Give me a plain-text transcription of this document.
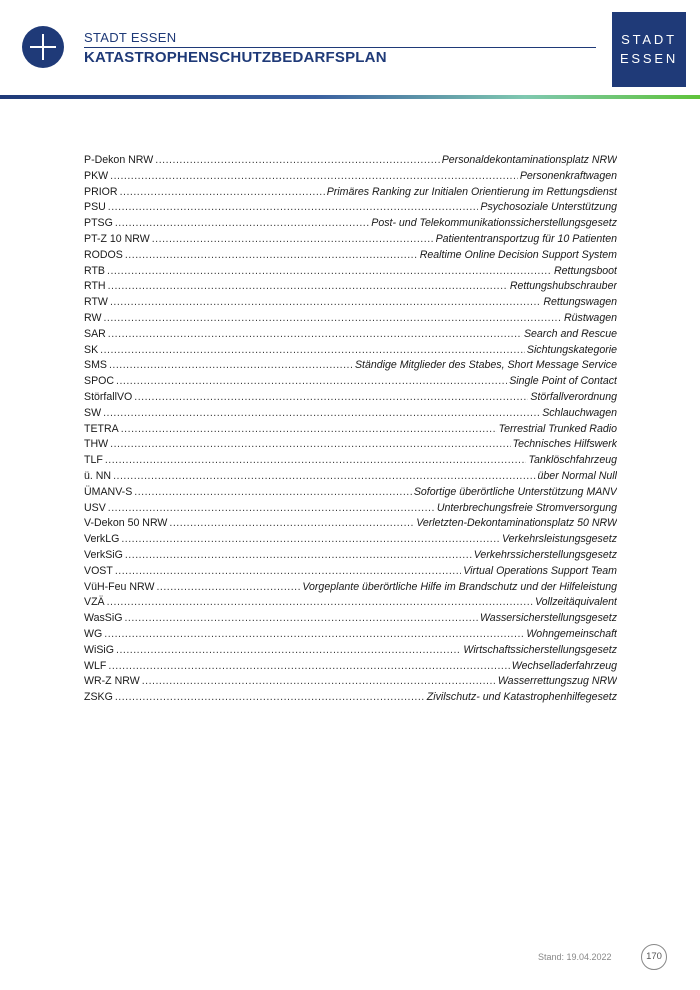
STADT ESSEN
KATASTROPHENSCHUTZBEDARFSPLAN
STADT
ESSEN
P-Dekon NRW .....	Personaldekontaminationsplatz NRW
PKW .....	Personenkraftwagen
PRIOR .....	Primäres Ranking zur Initialen Orientierung im Rettungsdienst
PSU .....	Psychosoziale Unterstützung
PTSG .....	Post- und Telekommunikationssicherstellungsgesetz
PT-Z 10 NRW .....	Patiententransportzug für 10 Patienten
RODOS .....	Realtime Online Decision Support System
RTB .....	Rettungsboot
RTH .....	Rettungshubschrauber
RTW .....	Rettungswagen
RW .....	Rüstwagen
SAR .....	Search and Rescue
SK .....	Sichtungskategorie
SMS .....	Ständige Mitglieder des Stabes, Short Message Service
SPOC .....	Single Point of Contact
StörfallVO .....	Störfallverordnung
SW .....	Schlauchwagen
TETRA .....	Terrestrial Trunked Radio
THW .....	Technisches Hilfswerk
TLF .....	Tanklöschfahrzeug
ü. NN .....	über Normal Null
ÜMANV-S .....	Sofortige überörtliche Unterstützung MANV
USV .....	Unterbrechungsfreie Stromversorgung
V-Dekon 50 NRW .....	Verletzten-Dekontaminationsplatz 50 NRW
VerkLG .....	Verkehrsleistungsgesetz
VerkSiG .....	Verkehrssicherstellungsgesetz
VOST .....	Virtual Operations Support Team
VüH-Feu NRW .....	Vorgeplante überörtliche Hilfe im Brandschutz und der Hilfeleistung
VZÄ .....	Vollzeitäquivalent
WasSiG .....	Wassersicherstellungsgesetz
WG .....	Wohngemeinschaft
WiSiG .....	Wirtschaftssicherstellungsgesetz
WLF .....	Wechselladerfahrzeug
WR-Z NRW .....	Wasserrettungszug NRW
ZSKG .....	Zivilschutz- und Katastrophenhilfegesetz
Stand: 19.04.2022	170
